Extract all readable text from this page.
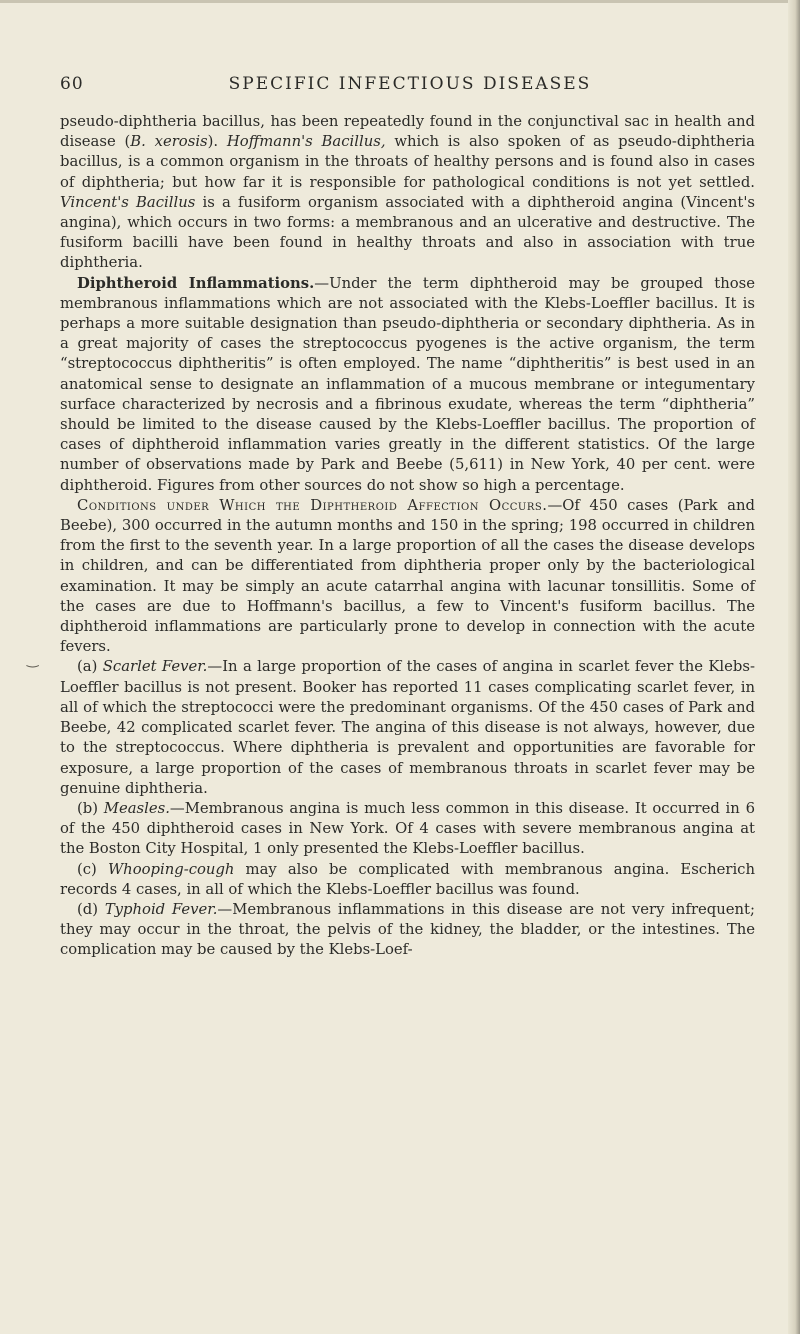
60	SPECIFIC INFECTIOUS DISEASES
‿

pseudo-diphtheria bacillus, has been repeatedly found in the conjunctival sac in health and disease (B. xerosis). Hoffmann's Bacillus, which is also spoken of as pseudo-diphtheria bacillus, is a common organism in the throats of healthy persons and is found also in cases of diphtheria; but how far it is responsible for pathological conditions is not yet settled. Vincent's Bacillus is a fusiform organism associated with a diphtheroid angina (Vincent's angina), which occurs in two forms: a membranous and an ulcerative and destructive. The fusiform bacilli have been found in healthy throats and also in association with true diphtheria.

Diphtheroid Inflammations.—Under the term diphtheroid may be grouped those membranous inflammations which are not associated with the Klebs-Loeffler bacillus. It is perhaps a more suitable designation than pseudo-diphtheria or secondary diphtheria. As in a great majority of cases the streptococcus pyogenes is the active organism, the term “streptococcus diphtheritis” is often employed. The name “diphtheritis” is best used in an anatomical sense to designate an inflammation of a mucous membrane or integumentary surface characterized by necrosis and a fibrinous exudate, whereas the term “diphtheria” should be limited to the disease caused by the Klebs-Loeffler bacillus. The proportion of cases of diphtheroid inflammation varies greatly in the different statistics. Of the large number of observations made by Park and Beebe (5,611) in New York, 40 per cent. were diphtheroid. Figures from other sources do not show so high a percentage.

Conditions under Which the Diphtheroid Affection Occurs.—Of 450 cases (Park and Beebe), 300 occurred in the autumn months and 150 in the spring; 198 occurred in children from the first to the seventh year. In a large proportion of all the cases the disease develops in children, and can be differentiated from diphtheria proper only by the bacteriological examination. It may be simply an acute catarrhal angina with lacunar tonsillitis. Some of the cases are due to Hoffmann's bacillus, a few to Vincent's fusiform bacillus. The diphtheroid inflammations are particularly prone to develop in connection with the acute fevers.

(a) Scarlet Fever.—In a large proportion of the cases of angina in scarlet fever the Klebs-Loeffler bacillus is not present. Booker has reported 11 cases complicating scarlet fever, in all of which the streptococci were the predominant organisms. Of the 450 cases of Park and Beebe, 42 complicated scarlet fever. The angina of this disease is not always, however, due to the streptococcus. Where diphtheria is prevalent and opportunities are favorable for exposure, a large proportion of the cases of membranous throats in scarlet fever may be genuine diphtheria.

(b) Measles.—Membranous angina is much less common in this disease. It occurred in 6 of the 450 diphtheroid cases in New York. Of 4 cases with severe membranous angina at the Boston City Hospital, 1 only presented the Klebs-Loeffler bacillus.

(c) Whooping-cough may also be complicated with membranous angina. Escherich records 4 cases, in all of which the Klebs-Loeffler bacillus was found.

(d) Typhoid Fever.—Membranous inflammations in this disease are not very infrequent; they may occur in the throat, the pelvis of the kidney, the bladder, or the intestines. The complication may be caused by the Klebs-Loef-
